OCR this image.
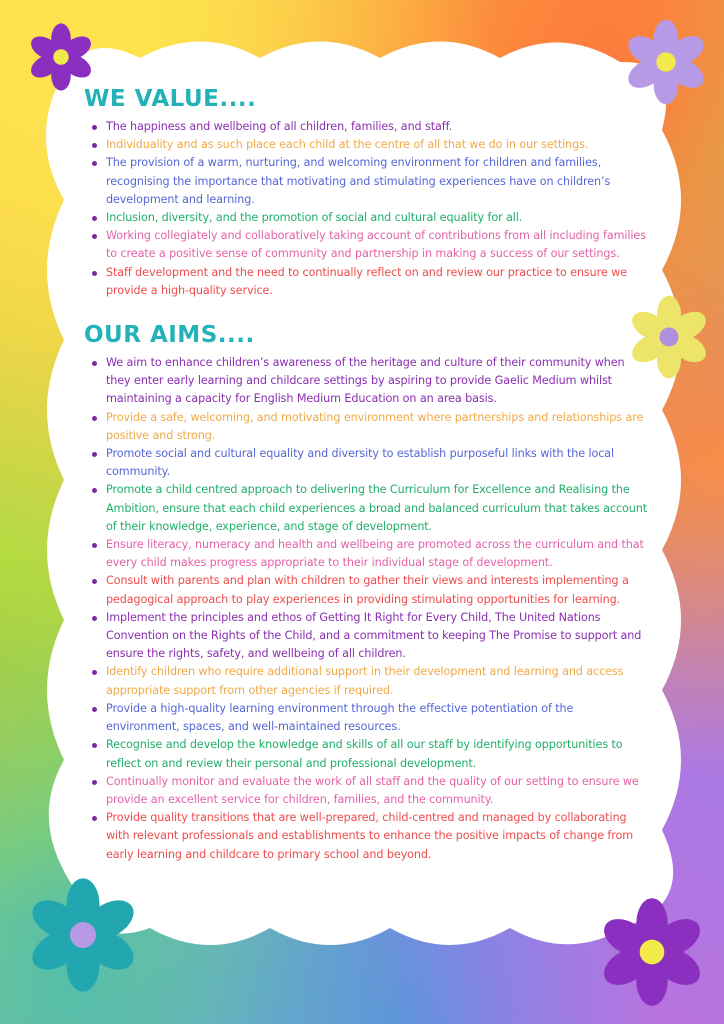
WE VALUE....
The happiness and wellbeing of all children, families, and staff.
Individuality and as such place each child at the centre of all that we do in our settings.
The provision of a warm, nurturing, and welcoming environment for children and families, recognising the importance that motivating and stimulating experiences have on children’s development and learning.
Inclusion, diversity, and the promotion of social and cultural equality for all.
Working collegiately and collaboratively taking account of contributions from all including families to create a positive sense of community and partnership in making a success of our settings.
Staff development and the need to continually reflect on and review our practice to ensure we provide a high-quality service.
OUR AIMS....
We aim to enhance children’s awareness of the heritage and culture of their community when they enter early learning and childcare settings by aspiring to provide Gaelic Medium whilst maintaining a capacity for English Medium Education on an area basis.
Provide a safe, welcoming, and motivating environment where partnerships and relationships are positive and strong.
Promote social and cultural equality and diversity to establish purposeful links with the local community.
Promote a child centred approach to delivering the Curriculum for Excellence and Realising the Ambition, ensure that each child experiences a broad and balanced curriculum that takes account of their knowledge, experience, and stage of development.
Ensure literacy, numeracy and health and wellbeing are promoted across the curriculum and that every child makes progress appropriate to their individual stage of development.
Consult with parents and plan with children to gather their views and interests implementing a pedagogical approach to play experiences in providing stimulating opportunities for learning.
Implement the principles and ethos of Getting It Right for Every Child, The United Nations Convention on the Rights of the Child, and a commitment to keeping The Promise to support and ensure the rights, safety, and wellbeing of all children.
Identify children who require additional support in their development and learning and access appropriate support from other agencies if required.
Provide a high-quality learning environment through the effective potentiation of the environment, spaces, and well-maintained resources.
Recognise and develop the knowledge and skills of all our staff by identifying opportunities to reflect on and review their personal and professional development.
Continually monitor and evaluate the work of all staff and the quality of our setting to ensure we provide an excellent service for children, families, and the community.
Provide quality transitions that are well-prepared, child-centred and managed by collaborating with relevant professionals and establishments to enhance the positive impacts of change from early learning and childcare to primary school and beyond.
